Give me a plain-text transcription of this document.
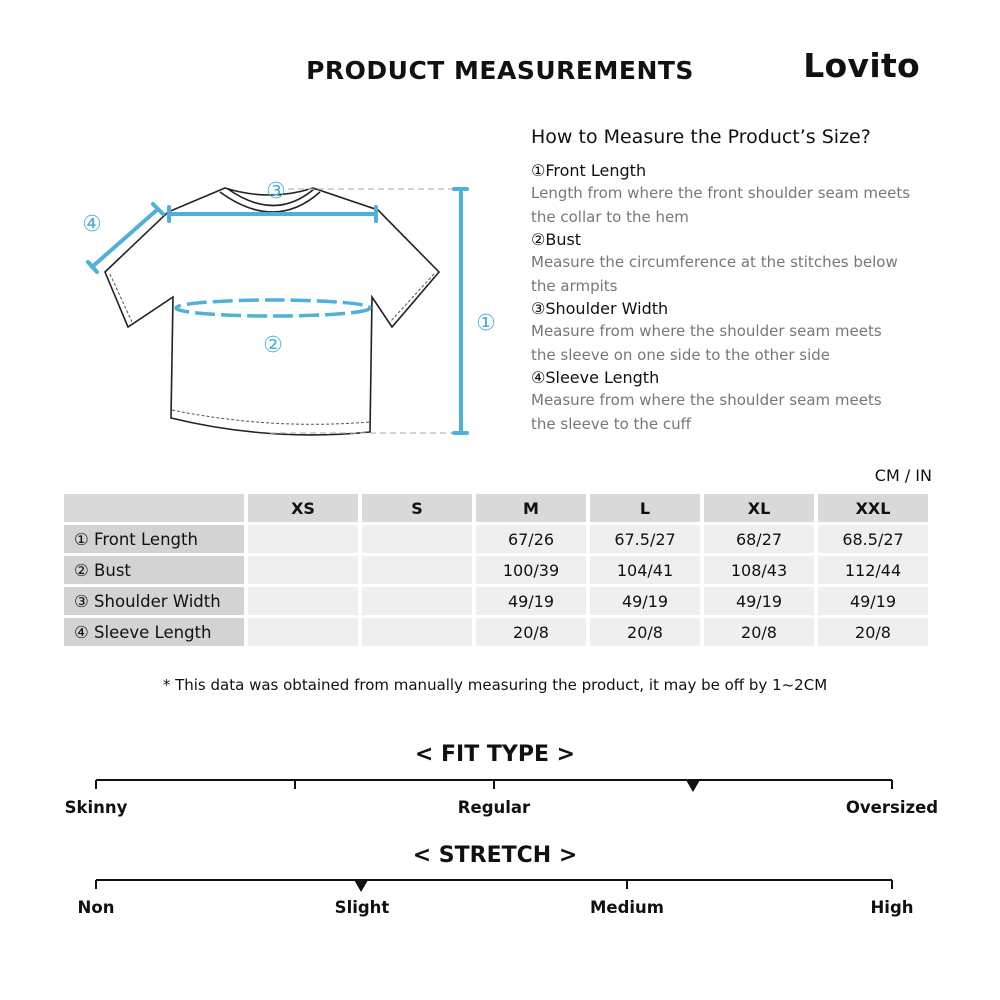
PRODUCT MEASUREMENTS	Lovito
①
②
③
④
How to Measure the Product’s Size?
①Front Length
Length from where the front shoulder seam meets the collar to the hem
②Bust
Measure the circumference at the stitches below the armpits
③Shoulder Width
Measure from where the shoulder seam meets the sleeve on one side to the other side
④Sleeve Length
Measure from where the shoulder seam meets the sleeve to the cuff
CM / IN
	XS	S	M	L	XL	XXL
① Front Length			67/26	67.5/27	68/27	68.5/27
② Bust			100/39	104/41	108/43	112/44
③ Shoulder Width			49/19	49/19	49/19	49/19
④ Sleeve Length			20/8	20/8	20/8	20/8
* This data was obtained from manually measuring the product, it may be off by 1~2CM
< FIT TYPE >
Skinny	Regular	Oversized
< STRETCH >
Non	Slight	Medium	High
